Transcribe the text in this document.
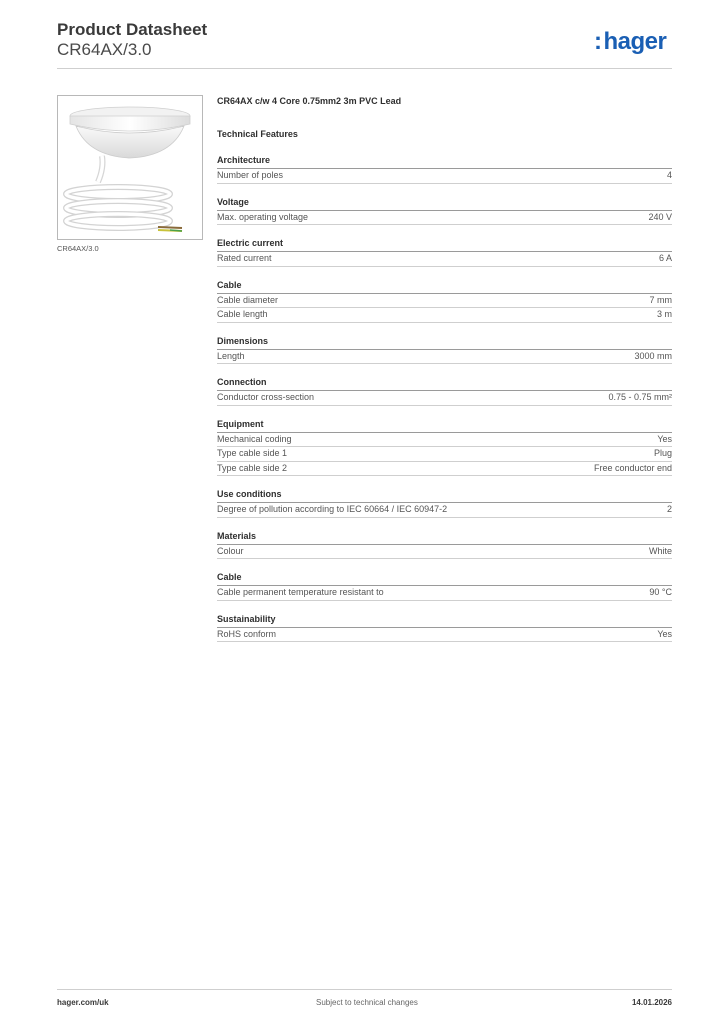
Product Datasheet
CR64AX/3.0	:hager
CR64AX/3.0
CR64AX c/w 4 Core 0.75mm2 3m PVC Lead
Technical Features
Architecture
Number of poles	4
Voltage
Max. operating voltage	240 V
Electric current
Rated current	6 A
Cable
Cable diameter	7 mm
Cable length	3 m
Dimensions
Length	3000 mm
Connection
Conductor cross-section	0.75 - 0.75 mm²
Equipment
Mechanical coding	Yes
Type cable side 1	Plug
Type cable side 2	Free conductor end
Use conditions
Degree of pollution according to IEC 60664 / IEC 60947-2	2
Materials
Colour	White
Cable
Cable permanent temperature resistant to	90 °C
Sustainability
RoHS conform	Yes
hager.com/uk	Subject to technical changes	14.01.2026
